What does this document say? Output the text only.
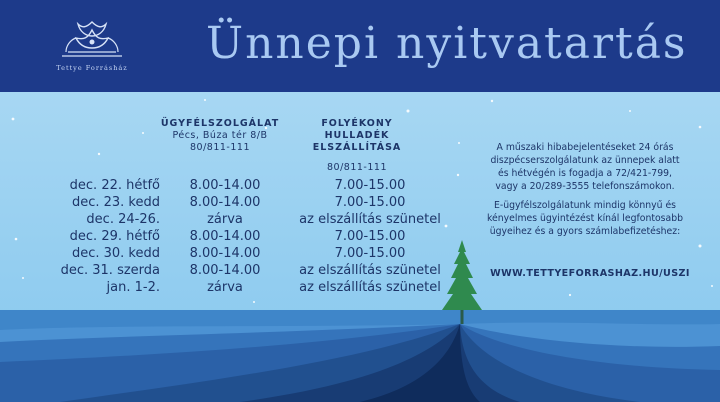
Tettye Forrásház Ünnepi nyitvatartás
ÜGYFÉLSZOLGÁLAT
Pécs, Búza tér 8/B
80/811-111
FOLYÉKONY
HULLADÉK ELSZÁLLÍTÁSA
80/811-111
dec. 22. hétfő	8.00-14.00	7.00-15.00
dec. 23. kedd	8.00-14.00	7.00-15.00
dec. 24-26.	zárva	az elszállítás szünetel
dec. 29. hétfő	8.00-14.00	7.00-15.00
dec. 30. kedd	8.00-14.00	7.00-15.00
dec. 31. szerda	8.00-14.00	az elszállítás szünetel
jan. 1-2.	zárva	az elszállítás szünetel
A műszaki hibabejelentéseket 24 órás
diszpécserszolgálatunk az ünnepek alatt
és hétvégén is fogadja a 72/421-799,
vagy a 20/289-3555 telefonszámokon.
E-ügyfélszolgálatunk mindig könnyű és
kényelmes ügyintézést kínál legfontosabb
ügyeihez és a gyors számlabefizetéshez:
WWW.TETTYEFORRASHAZ.HU/USZI
